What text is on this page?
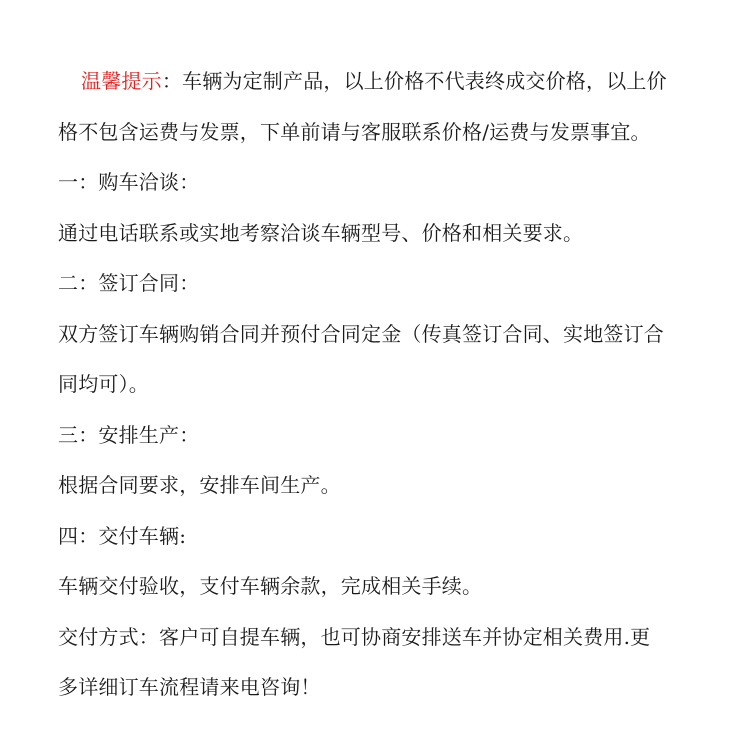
温馨提示：车辆为定制产品，以上价格不代表终成交价格，以上价
格不包含运费与发票，下单前请与客服联系价格/运费与发票事宜。
一：购车洽谈：
通过电话联系或实地考察洽谈车辆型号、价格和相关要求。
二：签订合同：
双方签订车辆购销合同并预付合同定金（传真签订合同、实地签订合
同均可）。
三：安排生产：
根据合同要求，安排车间生产。
四：交付车辆:
车辆交付验收，支付车辆余款，完成相关手续。
交付方式：客户可自提车辆，也可协商安排送车并协定相关费用.更
多详细订车流程请来电咨询！
